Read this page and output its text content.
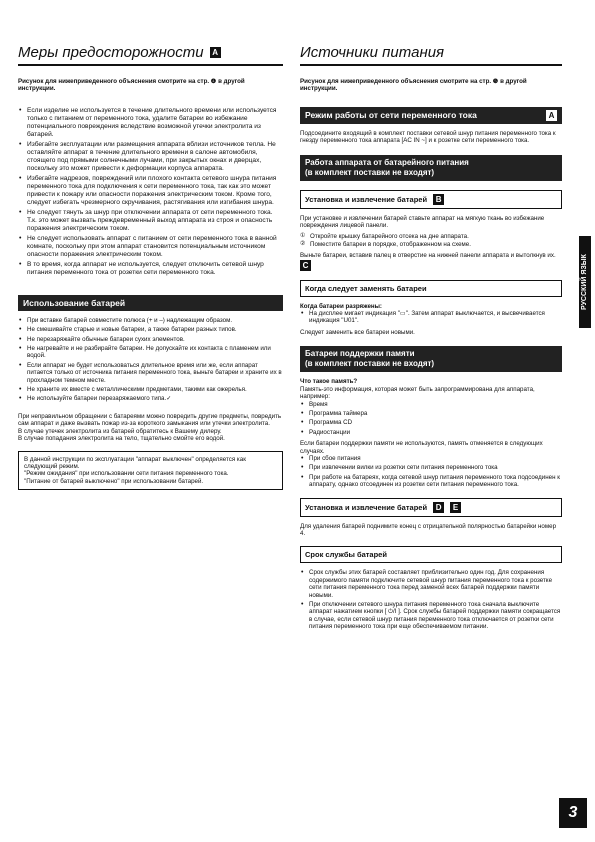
Меры предосторожности	A

Рисунок для нижеприведенного объяснения смотрите на стр. ❹ в другой инструкции.

• Если изделие не используется в течение длительного времени или используется только с питанием от переменного тока, удалите батареи во избежание потенциального повреждения вследствие возможной утечки электролита из батарей.
• Избегайте эксплуатации или размещения аппарата вблизи источников тепла. Не оставляйте аппарат в течение длительного времени в салоне автомобиля, стоящего под прямыми солнечными лучами, при закрытых окнах и дверцах, поскольку это может привести к деформации корпуса аппарата.
• Избегайте надрезов, повреждений или плохого контакта сетевого шнура питания переменного тока для подключения к сети переменного тока, так как это может привести к пожару или опасности поражения электрическим током. Кроме того, следует избегать чрезмерного скручивания, растягивания или изгибания шнура.
• Не следует тянуть за шнур при отключении аппарата от сети переменного тока. Т.к. это может вызвать преждевременный выход аппарата из строя и опасность поражения электрическим током.
• Не следует использовать аппарат с питанием от сети переменного тока в ванной комнате, поскольку при этом аппарат становится потенциальным источником опасности поражения электрическим током.
• В то время, когда аппарат не используется, следует отключить сетевой шнур питания переменного тока от розетки сети переменного тока.
Использование батарей
• При вставке батарей совместите полюса (+ и –) надлежащим образом.
• Не смешивайте старые и новые батареи, а также батареи разных типов.
• Не перезаряжайте обычные батареи сухих элементов.
• Не нагревайте и не разбирайте батареи. Не допускайте их контакта с пламенем или водой.
• Если аппарат не будет использоваться длительное время или же, если аппарат питается только от источника питания переменного тока, выньте батареи и храните их в прохладном темном месте.
• Не храните их вместе с металлическими предметами, такими как ожерелья.
• Не используйте батареи перезаряжаемого типа.✓

При неправильном обращении с батареями можно повредить другие предметы, повредить сам аппарат и даже вызвать пожар из-за короткого замыкания или утечки электролита.

В случае утечек электролита из батарей обратитесь к Вашему дилеру.

В случае попадания электролита на тело, тщательно смойте его водой.

В данной инструкции по эксплуатации "аппарат выключен" определяется как следующий режим.

"Режим ожидания" при использовании сети питания переменного тока.

"Питание от батарей выключено" при использовании батарей.

Источники питания

Рисунок для нижеприведенного объяснения смотрите на стр. ❺ в другой инструкции.

Режим работы от сети переменного тока	A

Подсоедините входящий в комплект поставки сетевой шнур питания переменного тока к гнезду переменного тока аппарата [AC IN ~] и к розетке сети переменного тока.

Работа аппарата от батарейного питания
(в комплект поставки не входят)
Установка и извлечение батарей	B

При установке и извлечении батарей ставьте аппарат на мягкую ткань во избежание повреждения лицевой панели.

① Откройте крышку батарейного отсека на дне аппарата.

② Поместите батареи в порядке, отображенном на схеме.

Выньте батареи, вставив палец в отверстие на нижней панели аппарата и вытолкнув их. C

Когда следует заменять батареи

Когда батареи разряжены:

• На дисплее мигает индикация "▭". Затем аппарат выключается, и высвечивается индикация "U01".

Следует заменить все батареи новыми.

Батареи поддержки памяти
(в комплект поставки не входят)

Что такое память?

Память-это информация, которая может быть запрограммирована для аппарата, например:

• Время
• Программа таймера
• Программа CD
• Радиостанции

Если батареи поддержки памяти не используются, память отменяется в следующих случаях.

• При сбое питания
• При извлечении вилки из розетки сети питания переменного тока
• При работе на батареях, когда сетевой шнур питания переменного тока подсоединен к аппарату, однако отсоединен из розетки сети питания переменного тока.
Установка и извлечение батарей	D	E

Для удаления батарей поднимите конец с отрицательной полярностью батарейки номер 4.

Срок службы батарей
• Срок службы этих батарей составляет приблизительно один год. Для сохранения содержимого памяти подключите сетевой шнур питания переменного тока к розетке сети питания переменного тока перед заменой всех батарей поддержки памяти новыми.
• При отключении сетевого шнура питания переменного тока сначала выключите аппарат нажатием кнопки [ ⏻/I ]. Срок службы батарей поддержки памяти сокращается в случае, если сетевой шнур питания переменного тока отключается от розетки сети питания переменного тока при еще обеспечиваемом питании.
РУССКИЙ ЯЗЫК
3
